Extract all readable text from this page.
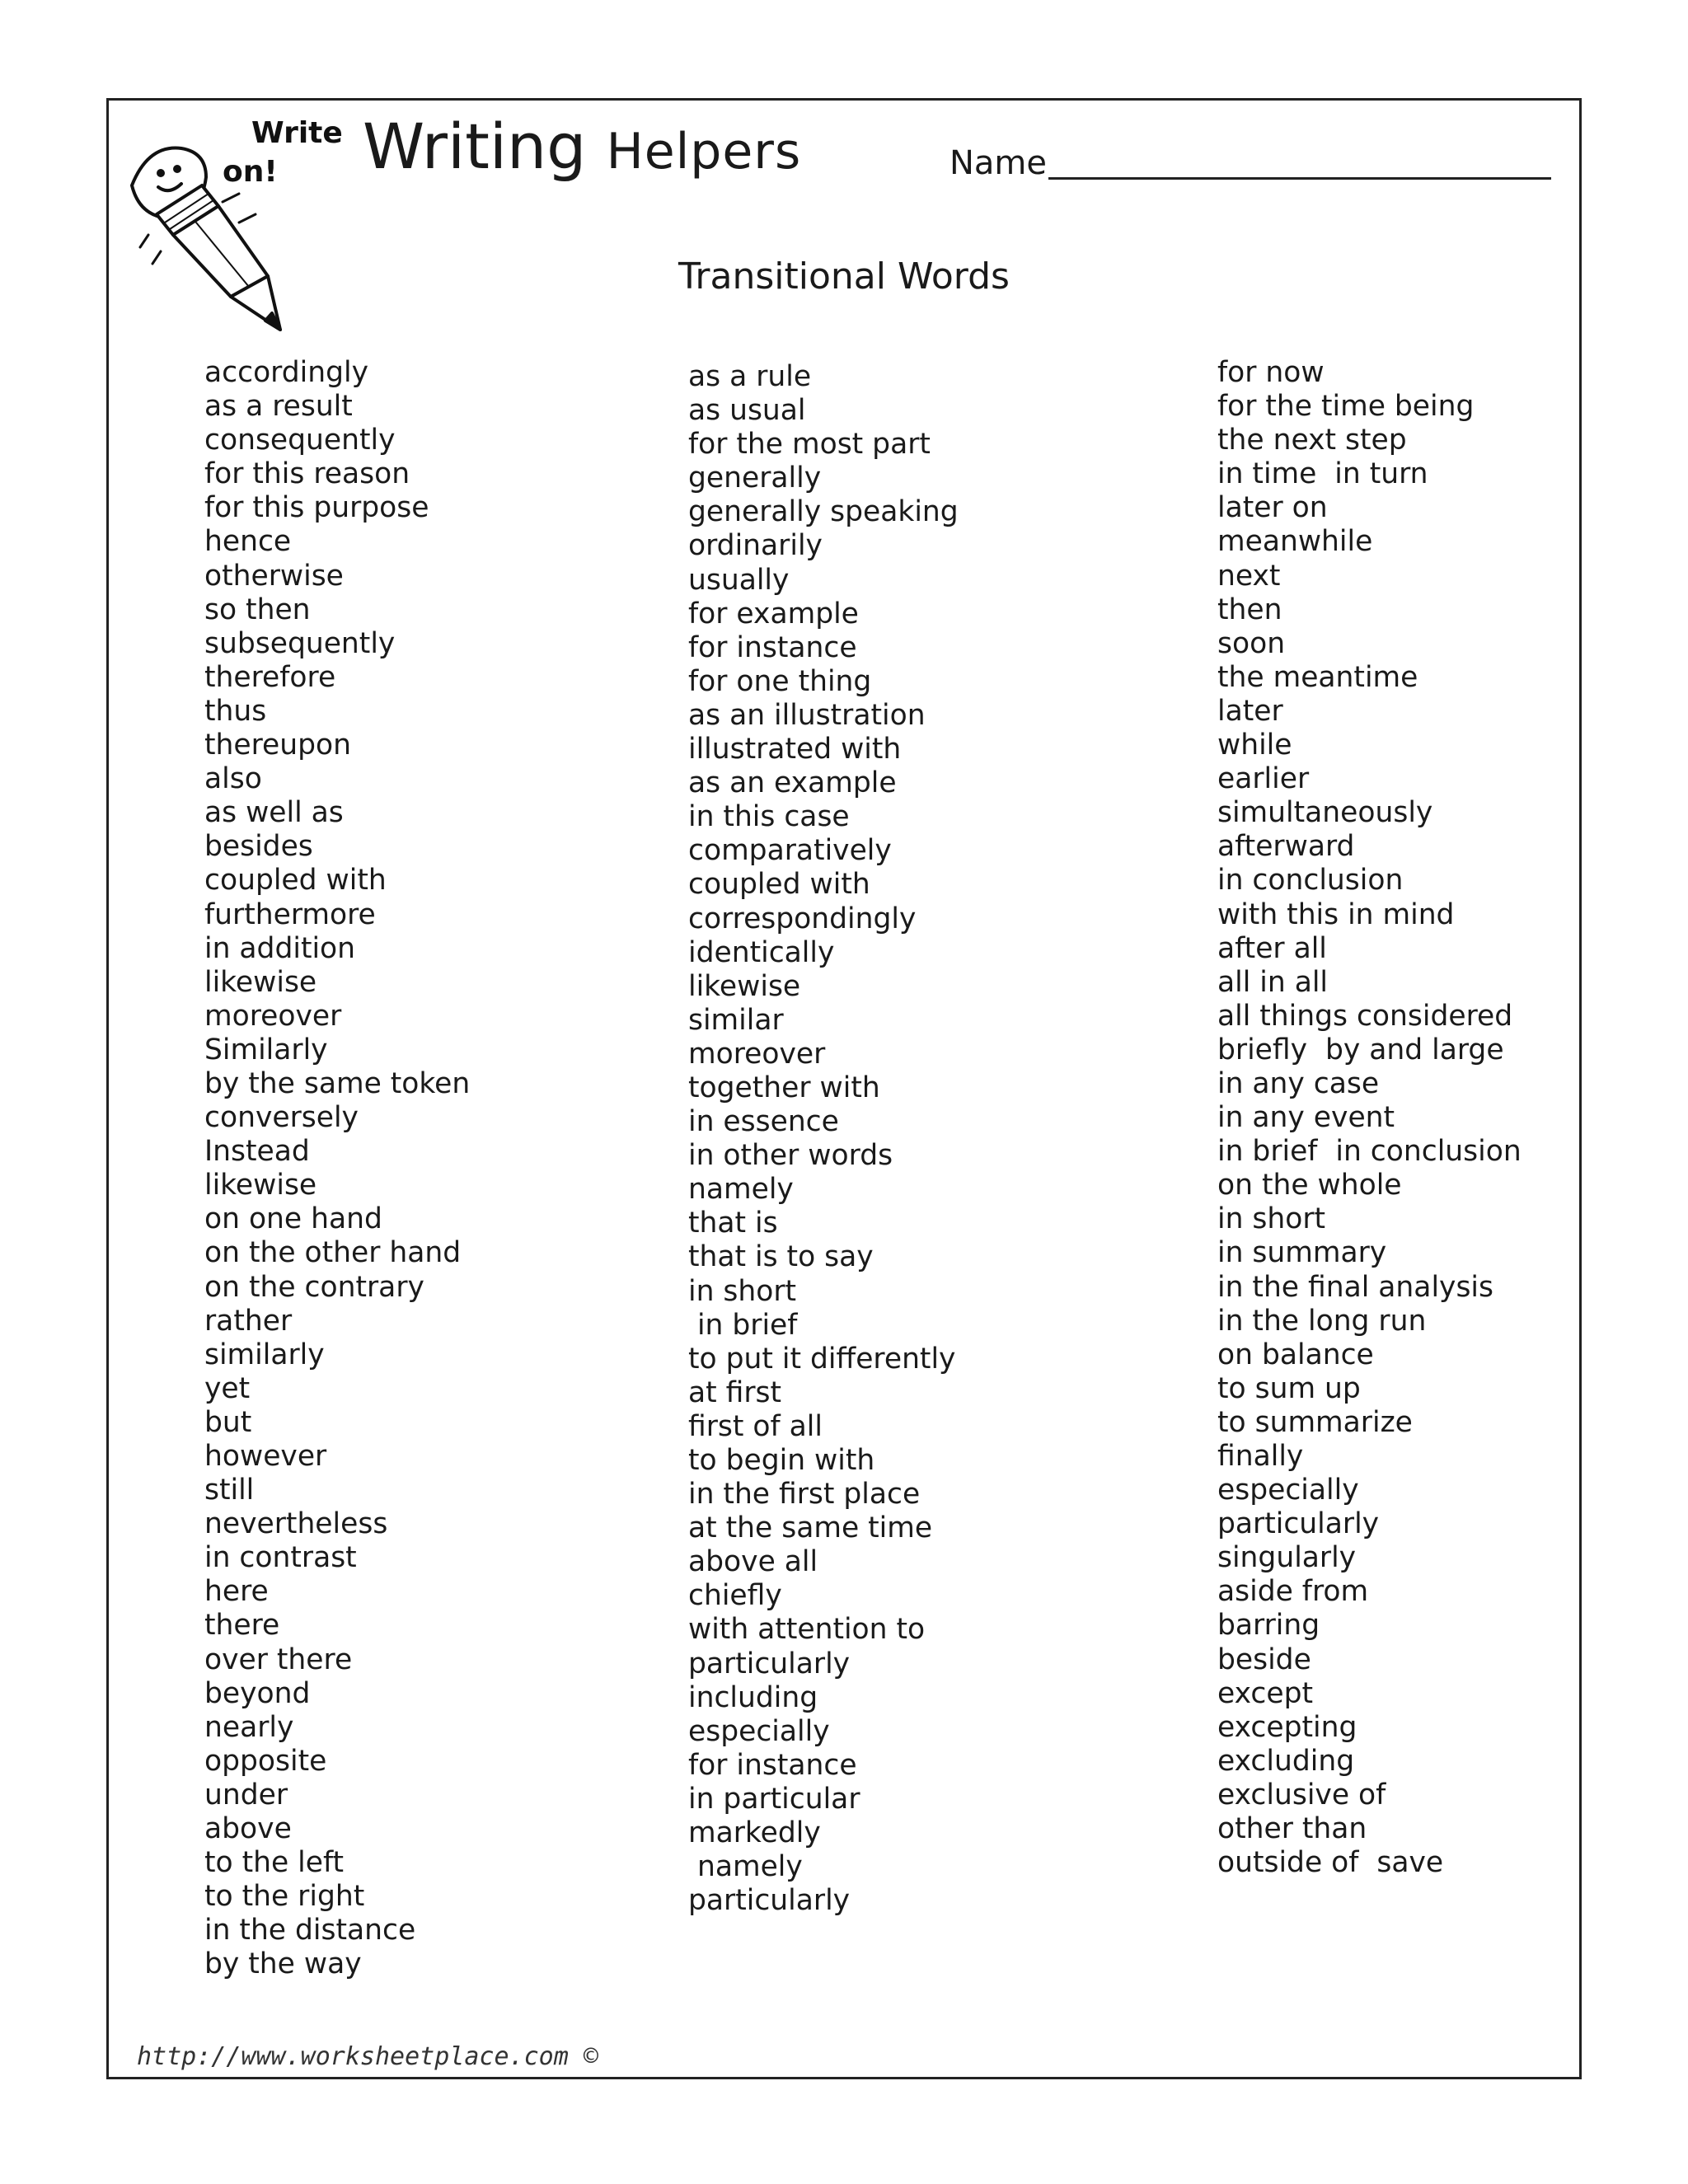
Write
on! Writing Helpers	Name
Transitional Words
accordingly
as a result
consequently
for this reason
for this purpose
hence
otherwise
so then
subsequently
therefore
thus
thereupon
also
as well as
besides
coupled with
furthermore
in addition
likewise
moreover
Similarly
by the same token
conversely
Instead
likewise
on one hand
on the other hand
on the contrary
rather
similarly
yet
but
however
still
nevertheless
in contrast
here
there
over there
beyond
nearly
opposite
under
above
to the left
to the right
in the distance
by the way
as a rule
as usual
for the most part
generally
generally speaking
ordinarily
usually
for example
for instance
for one thing
as an illustration
illustrated with
as an example
in this case
comparatively
coupled with
correspondingly
identically
likewise
similar
moreover
together with
in essence
in other words
namely
that is
that is to say
in short
in brief
to put it differently
at first
first of all
to begin with
in the first place
at the same time
above all
chiefly
with attention to
particularly
including
especially
for instance
in particular
markedly
namely
particularly
for now
for the time being
the next step
in time  in turn
later on
meanwhile
next
then
soon
the meantime
later
while
earlier
simultaneously
afterward
in conclusion
with this in mind
after all
all in all
all things considered
briefly  by and large
in any case
in any event
in brief  in conclusion
on the whole
in short
in summary
in the final analysis
in the long run
on balance
to sum up
to summarize
finally
especially
particularly
singularly
aside from
barring
beside
except
excepting
excluding
exclusive of
other than
outside of  save
http://www.worksheetplace.com ©
